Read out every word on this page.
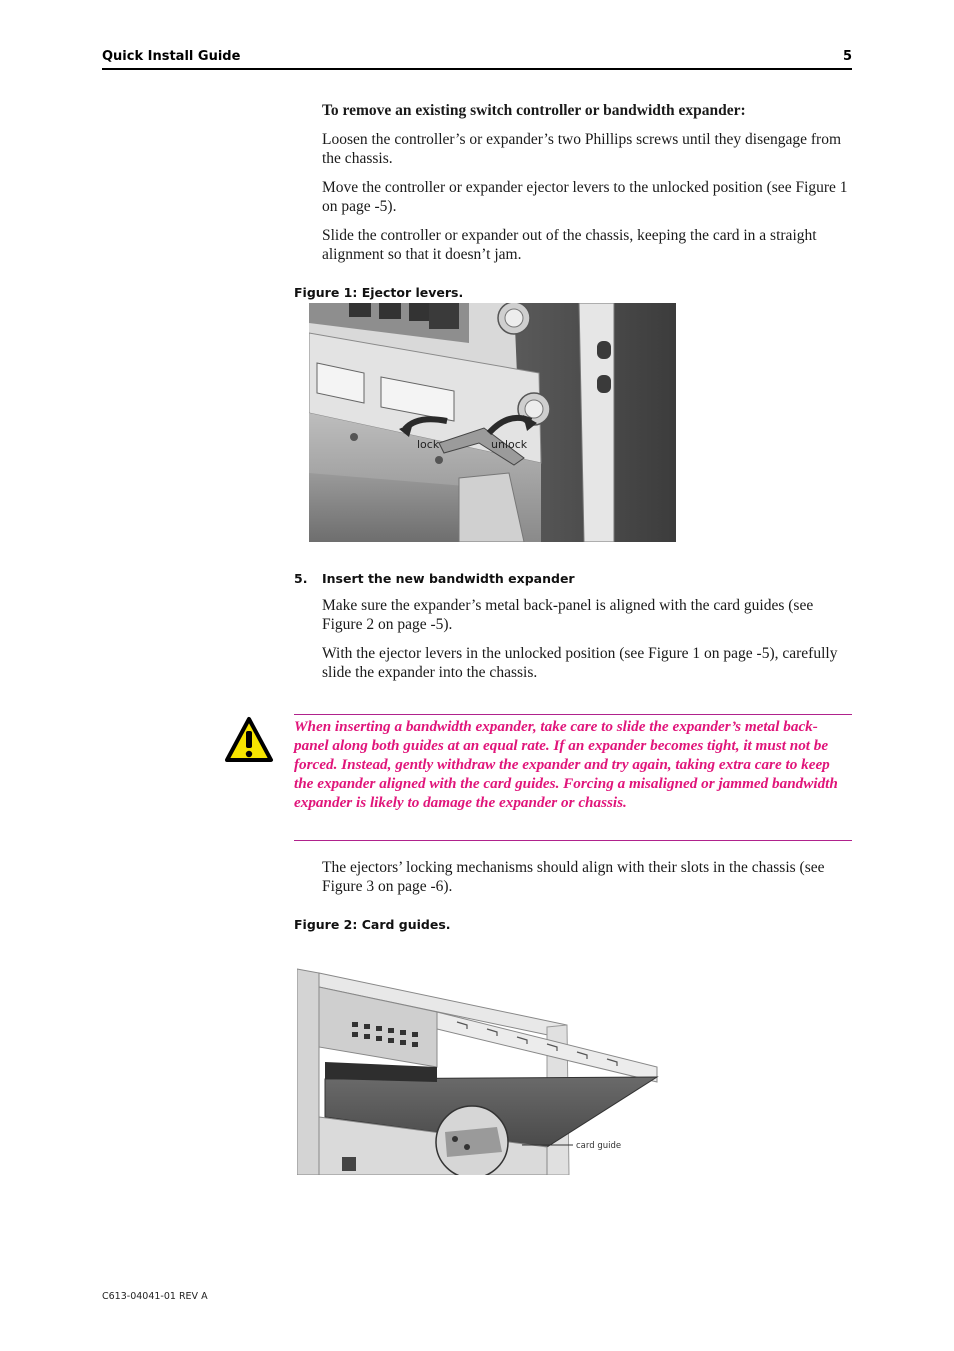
Quick Install Guide	5
To remove an existing switch controller or bandwidth expander:
Loosen the controller’s or expander’s two Phillips screws until they disengage from the chassis.
Move the controller or expander ejector levers to the unlocked position (see Figure 1 on page -5).
Slide the controller or expander out of the chassis, keeping the card in a straight alignment so that it doesn’t jam.
Figure 1: Ejector levers.
lock	unlock
5. Insert the new bandwidth expander
Make sure the expander’s metal back-panel is aligned with the card guides (see Figure 2 on page -5).
With the ejector levers in the unlocked position (see Figure 1 on page -5), carefully slide the expander into the chassis.
When inserting a bandwidth expander, take care to slide the expander’s metal back-panel along both guides at an equal rate. If an expander becomes tight, it must not be forced. Instead, gently withdraw the expander and try again, taking extra care to keep the expander aligned with the card guides. Forcing a misaligned or jammed bandwidth expander is likely to damage the expander or chassis.
The ejectors’ locking mechanisms should align with their slots in the chassis (see Figure 3 on page -6).
Figure 2: Card guides.
card guide
C613-04041-01 REV A
